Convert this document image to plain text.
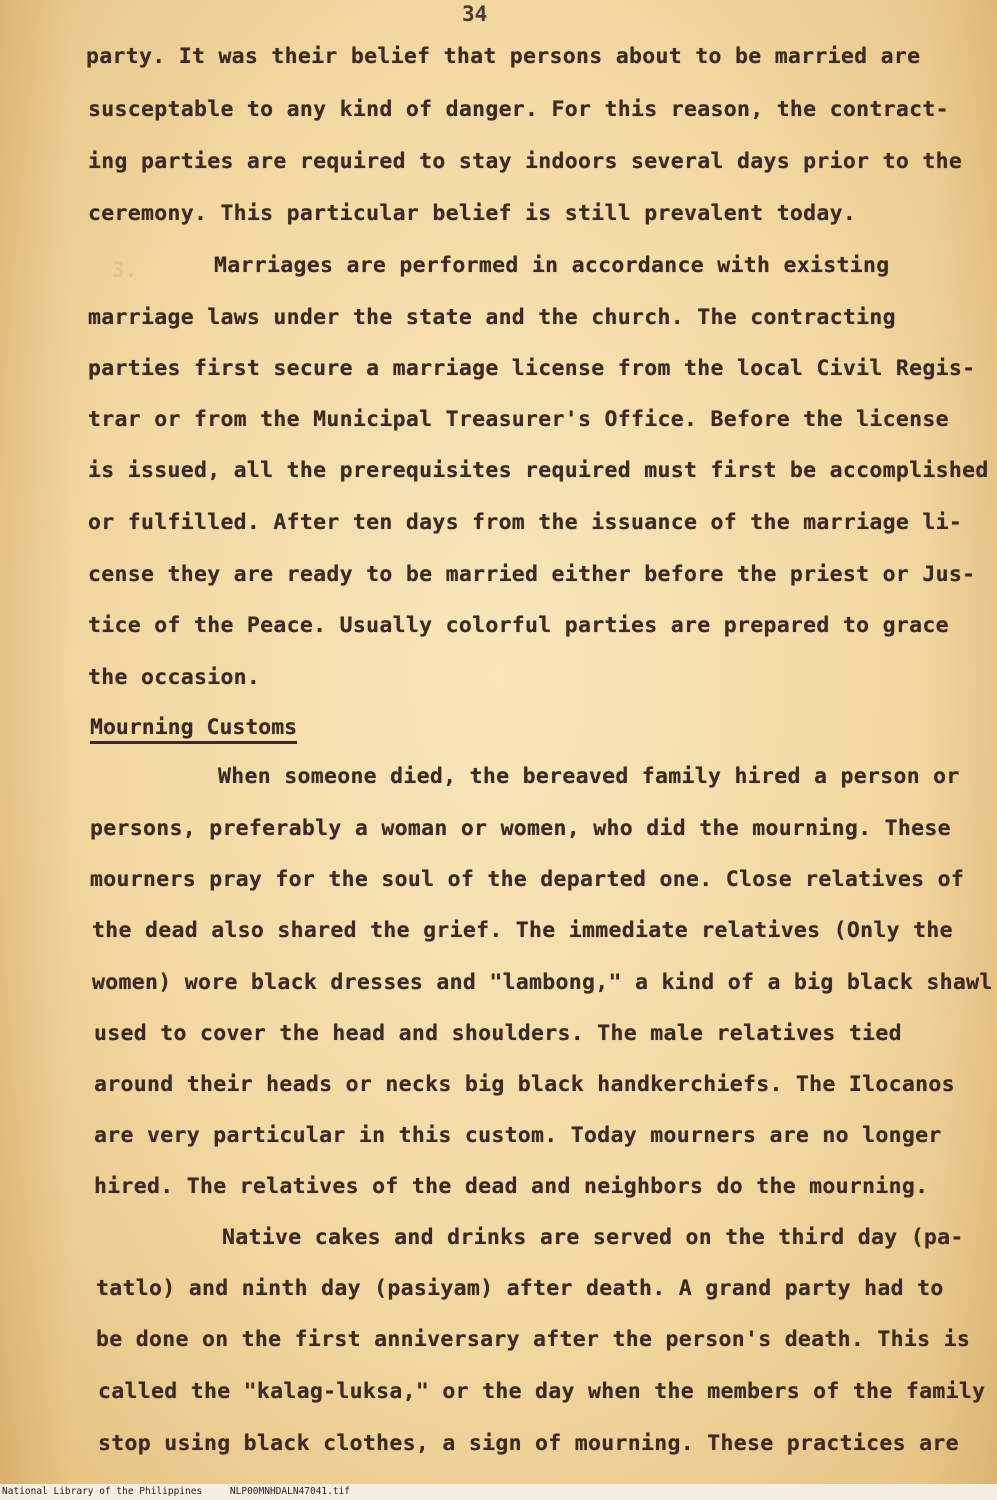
34
3.
party. It was their belief that persons about to be married are
susceptable to any kind of danger. For this reason, the contract-
ing parties are required to stay indoors several days prior to the
ceremony. This particular belief is still prevalent today.
Marriages are performed in accordance with existing
marriage laws under the state and the church. The contracting
parties first secure a marriage license from the local Civil Regis-
trar or from the Municipal Treasurer's Office. Before the license
is issued, all the prerequisites required must first be accomplished
or fulfilled. After ten days from the issuance of the marriage li-
cense they are ready to be married either before the priest or Jus-
tice of the Peace. Usually colorful parties are prepared to grace
the occasion.
Mourning Customs
When someone died, the bereaved family hired a person or
persons, preferably a woman or women, who did the mourning. These
mourners pray for the soul of the departed one. Close relatives of
the dead also shared the grief. The immediate relatives (Only the
women) wore black dresses and "lambong," a kind of a big black shawl
used to cover the head and shoulders. The male relatives tied
around their heads or necks big black handkerchiefs. The Ilocanos
are very particular in this custom. Today mourners are no longer
hired. The relatives of the dead and neighbors do the mourning.
Native cakes and drinks are served on the third day (pa-
tatlo) and ninth day (pasiyam) after death. A grand party had to
be done on the first anniversary after the person's death. This is
called the "kalag-luksa," or the day when the members of the family
stop using black clothes, a sign of mourning. These practices are
National Library of the Philippines	NLP00MNHDALN47041.tif
